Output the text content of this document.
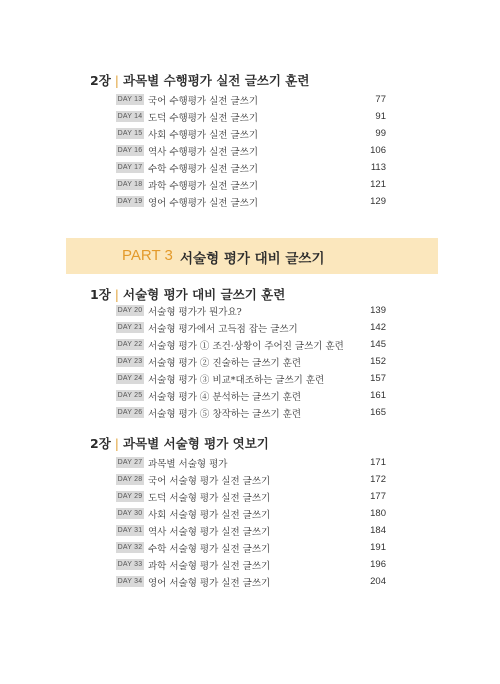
2장 | 과목별 수행평가 실전 글쓰기 훈련
DAY 13 국어 수행평가 실전 글쓰기	77
DAY 14 도덕 수행평가 실전 글쓰기	91
DAY 15 사회 수행평가 실전 글쓰기	99
DAY 16 역사 수행평가 실전 글쓰기	106
DAY 17 수학 수행평가 실전 글쓰기	113
DAY 18 과학 수행평가 실전 글쓰기	121
DAY 19 영어 수행평가 실전 글쓰기	129
PART 3 서술형 평가 대비 글쓰기
1장 | 서술형 평가 대비 글쓰기 훈련
DAY 20 서술형 평가가 뭔가요?	139
DAY 21 서술형 평가에서 고득점 잡는 글쓰기	142
DAY 22 서술형 평가 ① 조건·상황이 주어진 글쓰기 훈련	145
DAY 23 서술형 평가 ② 진술하는 글쓰기 훈련	152
DAY 24 서술형 평가 ③ 비교*대조하는 글쓰기 훈련	157
DAY 25 서술형 평가 ④ 분석하는 글쓰기 훈련	161
DAY 26 서술형 평가 ⑤ 창작하는 글쓰기 훈련	165
2장 | 과목별 서술형 평가 엿보기
DAY 27 과목별 서술형 평가	171
DAY 28 국어 서술형 평가 실전 글쓰기	172
DAY 29 도덕 서술형 평가 실전 글쓰기	177
DAY 30 사회 서술형 평가 실전 글쓰기	180
DAY 31 역사 서술형 평가 실전 글쓰기	184
DAY 32 수학 서술형 평가 실전 글쓰기	191
DAY 33 과학 서술형 평가 실전 글쓰기	196
DAY 34 영어 서술형 평가 실전 글쓰기	204
